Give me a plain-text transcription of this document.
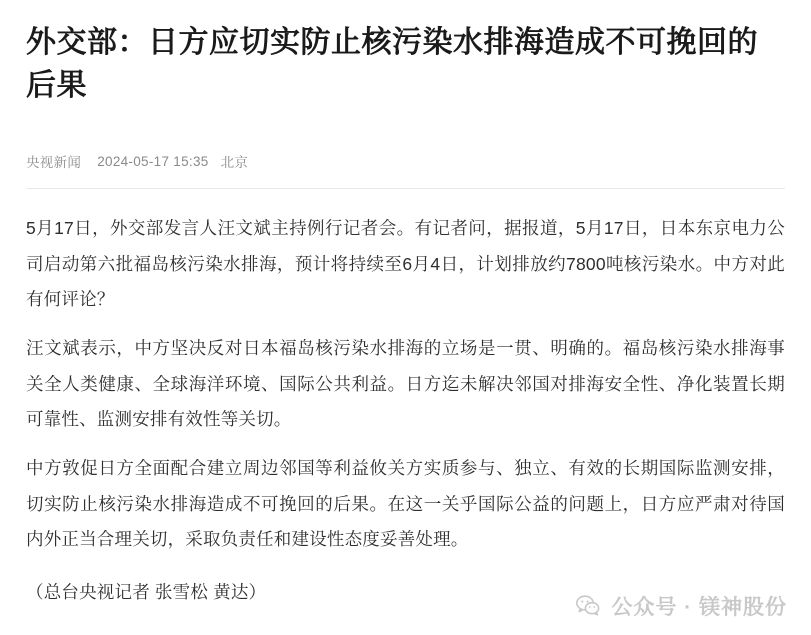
外交部：日方应切实防止核污染水排海造成不可挽回的后果
央视新闻 2024-05-17 15:35 北京

5月17日，外交部发言人汪文斌主持例行记者会。有记者问，据报道，5月17日，日本东京电力公司启动第六批福岛核污染水排海，预计将持续至6月4日，计划排放约7800吨核污染水。中方对此有何评论？

汪文斌表示，中方坚决反对日本福岛核污染水排海的立场是一贯、明确的。福岛核污染水排海事关全人类健康、全球海洋环境、国际公共利益。日方迄未解决邻国对排海安全性、净化装置长期可靠性、监测安排有效性等关切。

中方敦促日方全面配合建立周边邻国等利益攸关方实质参与、独立、有效的长期国际监测安排，切实防止核污染水排海造成不可挽回的后果。在这一关乎国际公益的问题上，日方应严肃对待国内外正当合理关切，采取负责任和建设性态度妥善处理。

（总台央视记者 张雪松 黄达）

公众号 · 镁神股份
